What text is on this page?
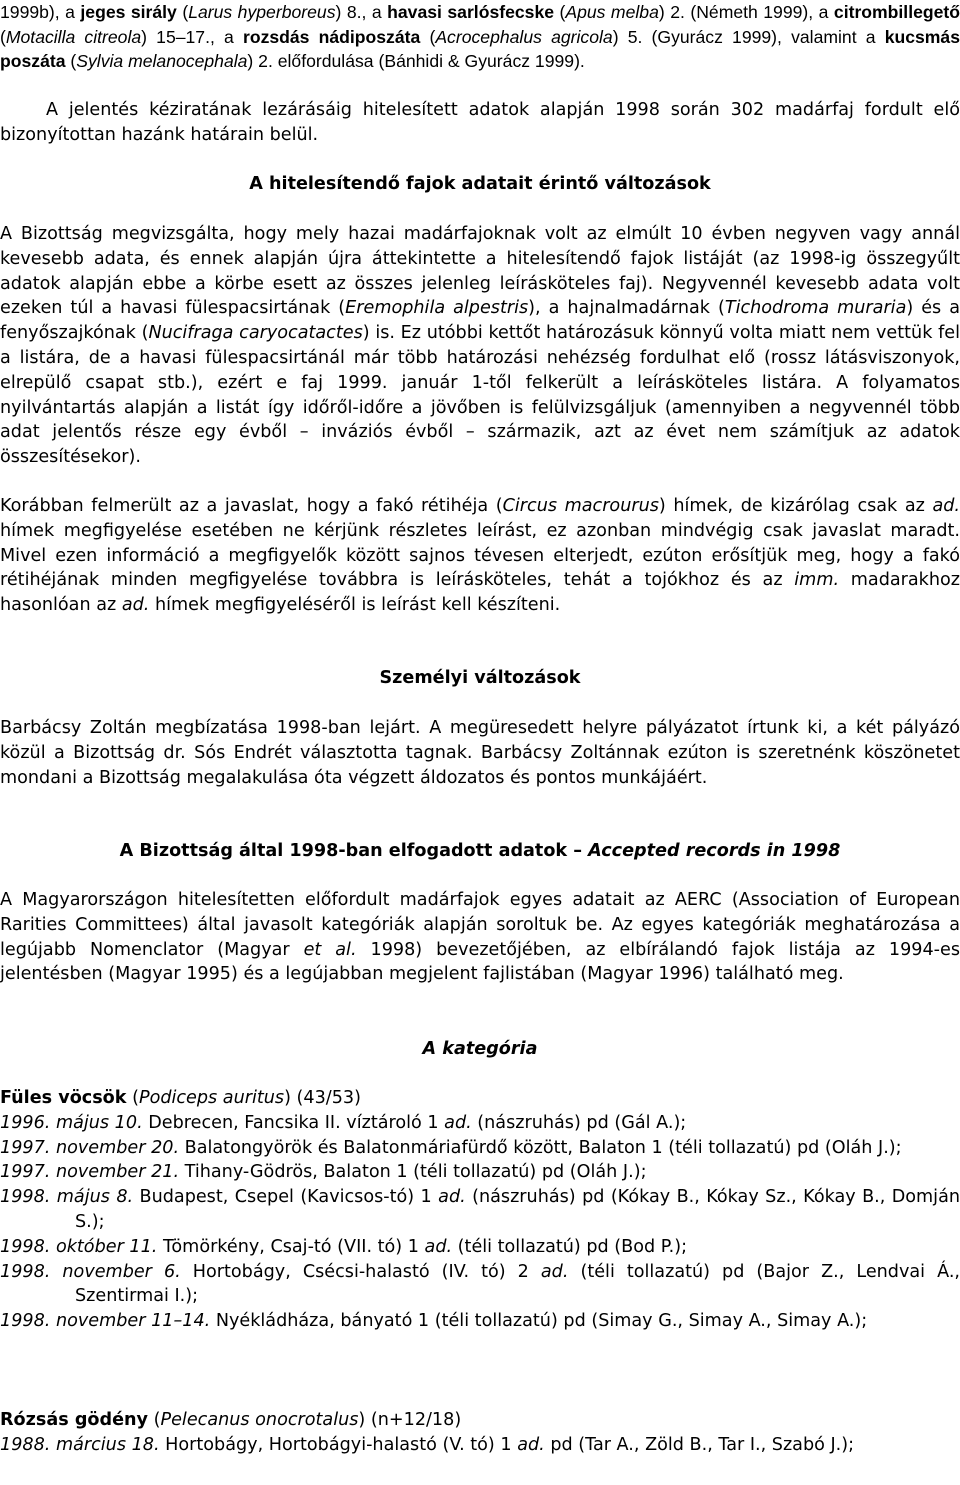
1999b), a jeges sirály (Larus hyperboreus) 8., a havasi sarlósfecske (Apus melba) 2. (Németh 1999), a citrombillegető (Motacilla citreola) 15–17., a rozsdás nádiposzáta (Acrocephalus agricola) 5. (Gyurácz 1999), valamint a kucsmás poszáta (Sylvia melanocephala) 2. előfordulása (Bánhidi & Gyurácz 1999).
A jelentés kéziratának lezárásáig hitelesített adatok alapján 1998 során 302 madárfaj fordult elő bizonyítottan hazánk határain belül.
A hitelesítendő fajok adatait érintő változások
A Bizottság megvizsgálta, hogy mely hazai madárfajoknak volt az elmúlt 10 évben negyven vagy annál kevesebb adata, és ennek alapján újra áttekintette a hitelesítendő fajok listáját (az 1998-ig összegyűlt adatok alapján ebbe a körbe esett az összes jelenleg leírásköteles faj). Negyvennél kevesebb adata volt ezeken túl a havasi fülespacsirtának (Eremophila alpestris), a hajnalmadárnak (Tichodroma muraria) és a fenyőszajkónak (Nucifraga caryocatactes) is. Ez utóbbi kettőt határozásuk könnyű volta miatt nem vettük fel a listára, de a havasi fülespacsirtánál már több határozási nehézség fordulhat elő (rossz látásviszonyok, elrepülő csapat stb.), ezért e faj 1999. január 1-től felkerült a leírásköteles listára. A folyamatos nyilvántartás alapján a listát így időről-időre a jövőben is felülvizsgáljuk (amennyiben a negyvennél több adat jelentős része egy évből – inváziós évből – származik, azt az évet nem számítjuk az adatok összesítésekor).
Korábban felmerült az a javaslat, hogy a fakó rétihéja (Circus macrourus) hímek, de kizárólag csak az ad. hímek megfigyelése esetében ne kérjünk részletes leírást, ez azonban mindvégig csak javaslat maradt. Mivel ezen információ a megfigyelők között sajnos tévesen elterjedt, ezúton erősítjük meg, hogy a fakó rétihéjának minden megfigyelése továbbra is leírásköteles, tehát a tojókhoz és az imm. madarakhoz hasonlóan az ad. hímek megfigyeléséről is leírást kell készíteni.
Személyi változások
Barbácsy Zoltán megbízatása 1998-ban lejárt. A megüresedett helyre pályázatot írtunk ki, a két pályázó közül a Bizottság dr. Sós Endrét választotta tagnak. Barbácsy Zoltánnak ezúton is szeretnénk köszönetet mondani a Bizottság megalakulása óta végzett áldozatos és pontos munkájáért.
A Bizottság által 1998-ban elfogadott adatok – Accepted records in 1998
A Magyarországon hitelesítetten előfordult madárfajok egyes adatait az AERC (Association of European Rarities Committees) által javasolt kategóriák alapján soroltuk be. Az egyes kategóriák meghatározása a legújabb Nomenclator (Magyar et al. 1998) bevezetőjében, az elbírálandó fajok listája az 1994-es jelentésben (Magyar 1995) és a legújabban megjelent fajlistában (Magyar 1996) található meg.
A kategória
Füles vöcsök (Podiceps auritus) (43/53)
1996. május 10. Debrecen, Fancsika II. víztároló 1 ad. (nászruhás) pd (Gál A.);
1997. november 20. Balatongyörök és Balatonmáriafürdő között, Balaton 1 (téli tollazatú) pd (Oláh J.);
1997. november 21. Tihany-Gödrös, Balaton 1 (téli tollazatú) pd (Oláh J.);
1998. május 8. Budapest, Csepel (Kavicsos-tó) 1 ad. (nászruhás) pd (Kókay B., Kókay Sz., Kókay B., Domján S.);
1998. október 11. Tömörkény, Csaj-tó (VII. tó) 1 ad. (téli tollazatú) pd (Bod P.);
1998. november 6. Hortobágy, Csécsi-halastó (IV. tó) 2 ad. (téli tollazatú) pd (Bajor Z., Lendvai Á., Szentirmai I.);
1998. november 11–14. Nyékládháza, bányató 1 (téli tollazatú) pd (Simay G., Simay A., Simay A.);
Rózsás gödény (Pelecanus onocrotalus) (n+12/18)
1988. március 18. Hortobágy, Hortobágyi-halastó (V. tó) 1 ad. pd (Tar A., Zöld B., Tar I., Szabó J.);
